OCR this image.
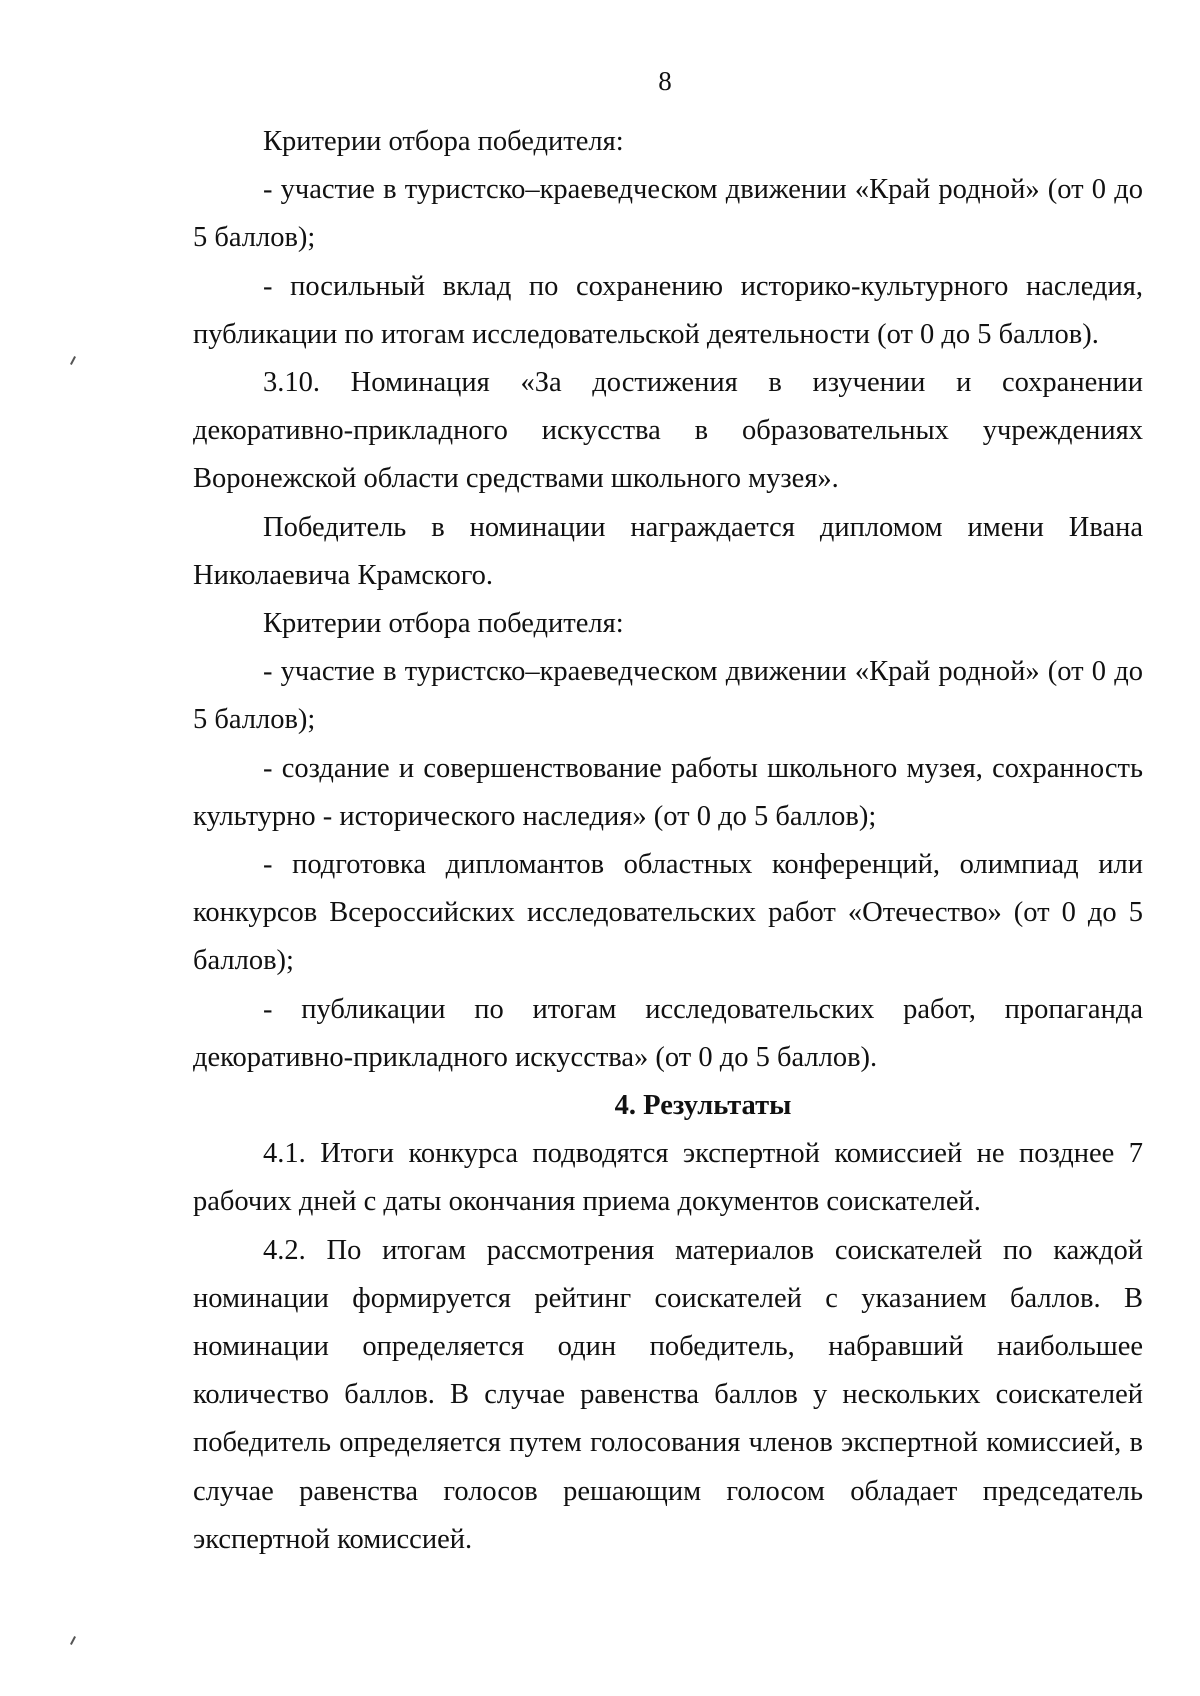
8

Критерии отбора победителя:

- участие в туристско–краеведческом движении «Край родной» (от 0 до 5 баллов);

- посильный вклад по сохранению историко-культурного наследия, публикации по итогам исследовательской деятельности (от 0 до 5 баллов).

3.10. Номинация «За достижения в изучении и сохранении декоративно-прикладного искусства в образовательных учреждениях Воронежской области средствами школьного музея».

Победитель в номинации награждается дипломом имени Ивана Николаевича Крамского.

Критерии отбора победителя:

- участие в туристско–краеведческом движении «Край родной» (от 0 до 5 баллов);

- создание и совершенствование работы школьного музея, сохранность культурно - исторического наследия» (от 0 до 5 баллов);

- подготовка дипломантов областных конференций, олимпиад или конкурсов Всероссийских исследовательских работ «Отечество» (от 0 до 5 баллов);

- публикации по итогам исследовательских работ, пропаганда декоративно-прикладного искусства» (от 0 до 5 баллов).

4. Результаты

4.1. Итоги конкурса подводятся экспертной комиссией не позднее 7 рабочих дней с даты окончания приема документов соискателей.

4.2. По итогам рассмотрения материалов соискателей по каждой номинации формируется рейтинг соискателей с указанием баллов. В номинации определяется один победитель, набравший наибольшее количество баллов. В случае равенства баллов у нескольких соискателей победитель определяется путем голосования членов экспертной комиссией, в случае равенства голосов решающим голосом обладает председатель экспертной комиссией.
